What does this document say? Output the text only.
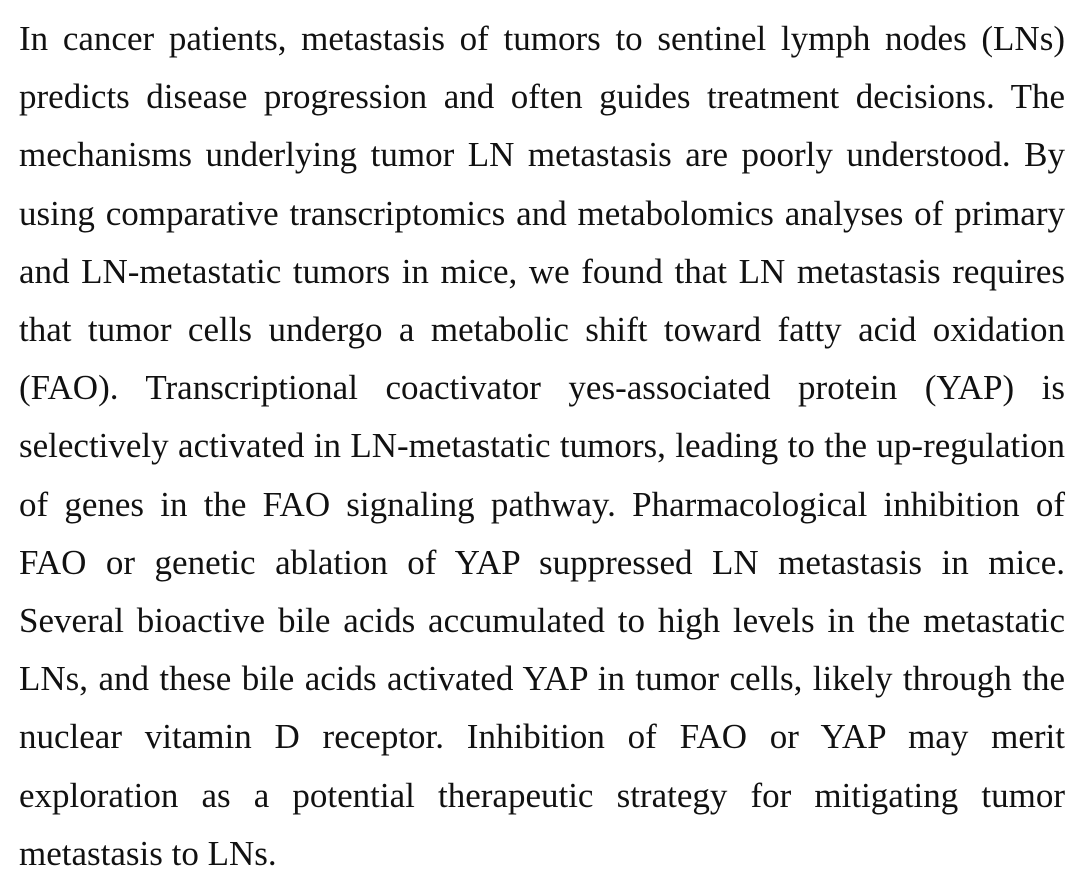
In cancer patients, metastasis of tumors to sentinel lymph nodes (LNs) predicts disease progression and often guides treatment decisions. The mechanisms underlying tumor LN metastasis are poorly understood. By using comparative transcriptomics and metabolomics analyses of primary and LN-metastatic tumors in mice, we found that LN metastasis requires that tumor cells undergo a metabolic shift toward fatty acid oxidation (FAO). Transcriptional coactivator yes-associated protein (YAP) is selectively activated in LN-metastatic tumors, leading to the up-regulation of genes in the FAO signaling pathway. Pharmacological inhibition of FAO or genetic ablation of YAP suppressed LN metastasis in mice. Several bioactive bile acids accumulated to high levels in the metastatic LNs, and these bile acids activated YAP in tumor cells, likely through the nuclear vitamin D receptor. Inhibition of FAO or YAP may merit exploration as a potential therapeutic strategy for mitigating tumor metastasis to LNs.
